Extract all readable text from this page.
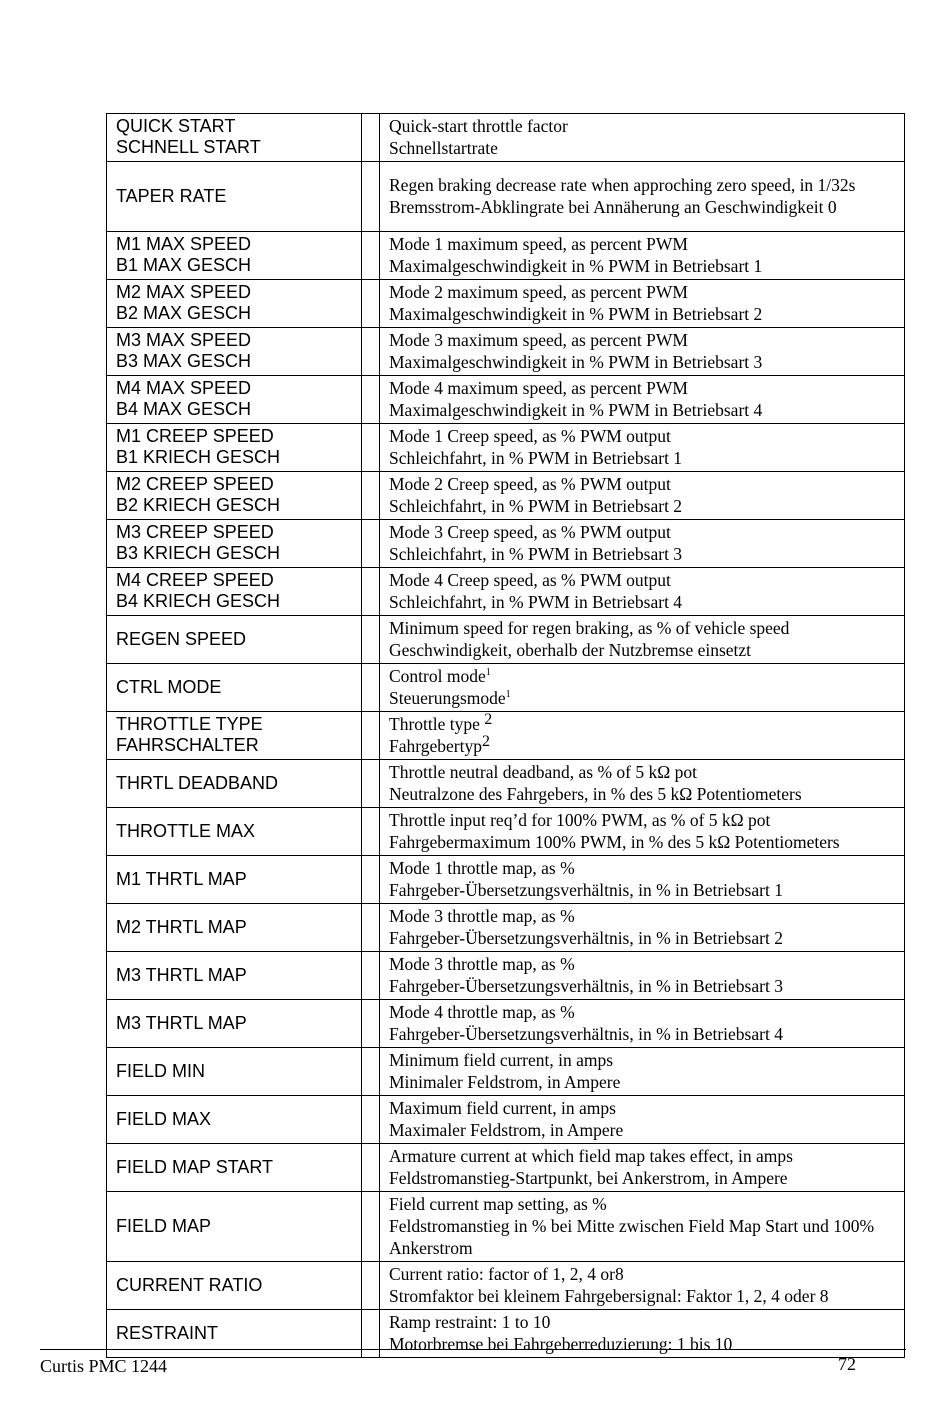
QUICK START
SCHNELL START		Quick-start throttle factor
Schnellstartrate

TAPER RATE		Regen braking decrease rate when approching zero speed, in 1/32s
Bremsstrom-Abklingrate bei Annäherung an Geschwindigkeit 0

M1 MAX SPEED
B1 MAX GESCH		Mode 1 maximum speed, as percent PWM
Maximalgeschwindigkeit in % PWM in Betriebsart 1

M2 MAX SPEED
B2 MAX GESCH		Mode 2 maximum speed, as percent PWM
Maximalgeschwindigkeit in % PWM in Betriebsart 2

M3 MAX SPEED
B3 MAX GESCH		Mode 3 maximum speed, as percent PWM
Maximalgeschwindigkeit in % PWM in Betriebsart 3

M4 MAX SPEED
B4 MAX GESCH		Mode 4 maximum speed, as percent PWM
Maximalgeschwindigkeit in % PWM in Betriebsart 4

M1 CREEP SPEED
B1 KRIECH GESCH		Mode 1 Creep speed, as % PWM output
Schleichfahrt, in % PWM in Betriebsart 1

M2 CREEP SPEED
B2 KRIECH GESCH		Mode 2 Creep speed, as % PWM output
Schleichfahrt, in % PWM in Betriebsart 2

M3 CREEP SPEED
B3 KRIECH GESCH		Mode 3 Creep speed, as % PWM output
Schleichfahrt, in % PWM in Betriebsart 3

M4 CREEP SPEED
B4 KRIECH GESCH		Mode 4 Creep speed, as % PWM output
Schleichfahrt, in % PWM in Betriebsart 4

REGEN SPEED		Minimum speed for regen braking, as % of vehicle speed
Geschwindigkeit, oberhalb der Nutzbremse einsetzt

CTRL MODE		Control mode$^1$
Steuerungsmode$^1$

THROTTLE TYPE
FAHRSCHALTER		Throttle type $^2$
Fahrgebertyp$^2$

THRTL DEADBAND		Throttle neutral deadband, as % of 5 kΩ pot
Neutralzone des Fahrgebers, in % des 5 kΩ Potentiometers

THROTTLE MAX		Throttle input req’d for 100% PWM, as % of 5 kΩ pot
Fahrgebermaximum 100% PWM, in % des 5 kΩ Potentiometers

M1 THRTL MAP		Mode 1 throttle map, as %
Fahrgeber-Übersetzungsverhältnis, in % in Betriebsart 1

M2 THRTL MAP		Mode 3 throttle map, as %
Fahrgeber-Übersetzungsverhältnis, in % in Betriebsart 2

M3 THRTL MAP		Mode 3 throttle map, as %
Fahrgeber-Übersetzungsverhältnis, in % in Betriebsart 3

M3 THRTL MAP		Mode 4 throttle map, as %
Fahrgeber-Übersetzungsverhältnis, in % in Betriebsart 4

FIELD MIN		Minimum field current, in amps
Minimaler Feldstrom, in Ampere

FIELD MAX		Maximum field current, in amps
Maximaler Feldstrom, in Ampere

FIELD MAP START		Armature current at which field map takes effect, in amps
Feldstromanstieg-Startpunkt, bei Ankerstrom, in Ampere

FIELD MAP		Field current map setting, as %
Feldstromanstieg in % bei Mitte zwischen Field Map Start und 100% Ankerstrom

CURRENT RATIO		Current ratio: factor of 1, 2, 4 or8
Stromfaktor bei kleinem Fahrgebersignal: Faktor 1, 2, 4 oder 8

RESTRAINT		Ramp restraint: 1 to 10
Motorbremse bei Fahrgeberreduzierung: 1 bis 10
Curtis PMC 1244	72
